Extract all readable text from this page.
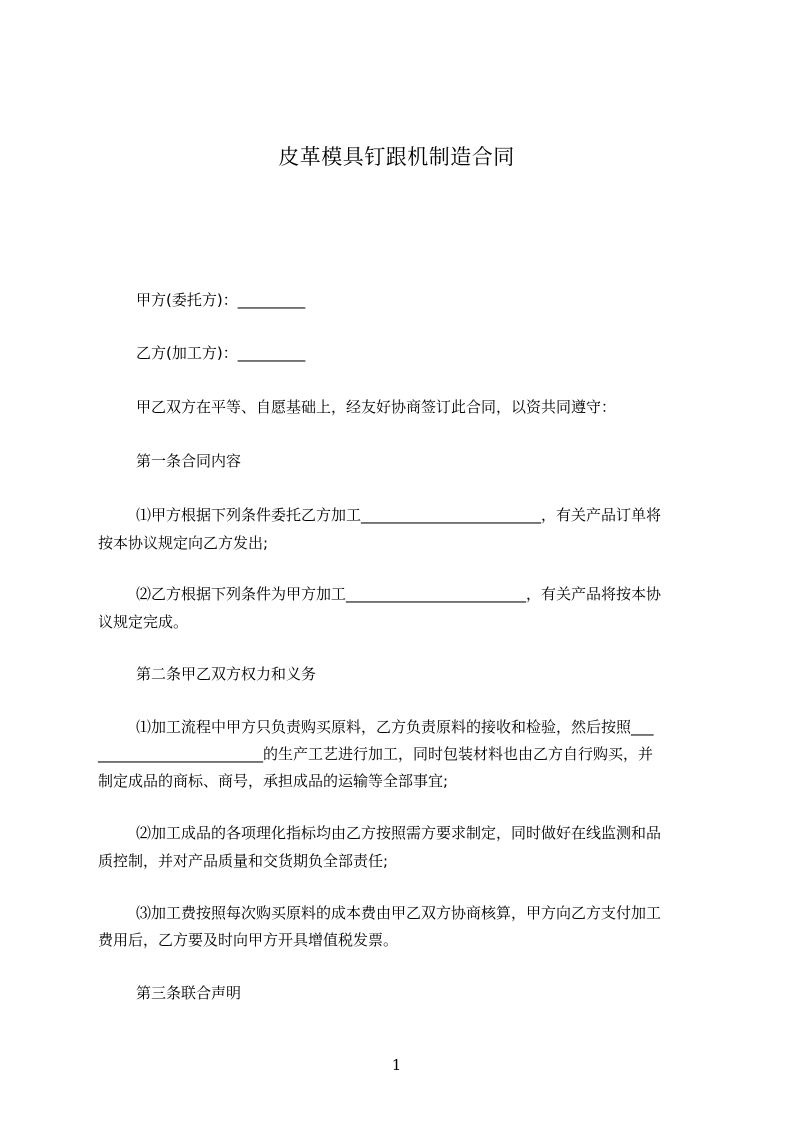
皮革模具钉跟机制造合同
甲方(委托方)：_________
乙方(加工方)：_________
甲乙双方在平等、自愿基础上，经友好协商签订此合同，以资共同遵守：
第一条合同内容
⑴甲方根据下列条件委托乙方加工________________________，有关产品订单将
按本协议规定向乙方发出;
⑵乙方根据下列条件为甲方加工________________________，有关产品将按本协
议规定完成。
第二条甲乙双方权力和义务
⑴加工流程中甲方只负责购买原料，乙方负责原料的接收和检验，然后按照___
______________________的生产工艺进行加工，同时包装材料也由乙方自行购买，并
制定成品的商标、商号，承担成品的运输等全部事宜;
⑵加工成品的各项理化指标均由乙方按照需方要求制定，同时做好在线监测和品
质控制，并对产品质量和交货期负全部责任;
⑶加工费按照每次购买原料的成本费由甲乙双方协商核算，甲方向乙方支付加工
费用后，乙方要及时向甲方开具增值税发票。
第三条联合声明
1
